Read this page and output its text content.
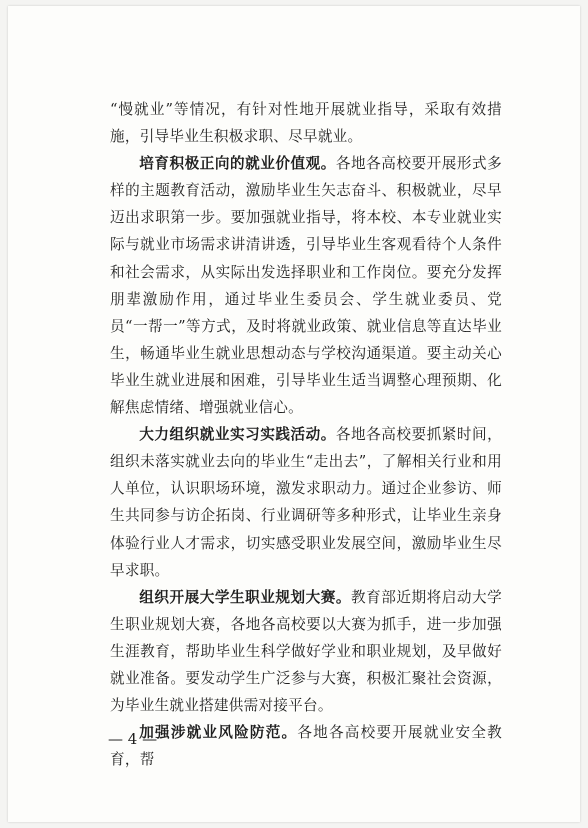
“慢就业”等情况，有针对性地开展就业指导，采取有效措施，引导毕业生积极求职、尽早就业。

培育积极正向的就业价值观。各地各高校要开展形式多样的主题教育活动，激励毕业生矢志奋斗、积极就业，尽早迈出求职第一步。要加强就业指导，将本校、本专业就业实际与就业市场需求讲清讲透，引导毕业生客观看待个人条件和社会需求，从实际出发选择职业和工作岗位。要充分发挥朋辈激励作用，通过毕业生委员会、学生就业委员、党员“一帮一”等方式，及时将就业政策、就业信息等直达毕业生，畅通毕业生就业思想动态与学校沟通渠道。要主动关心毕业生就业进展和困难，引导毕业生适当调整心理预期、化解焦虑情绪、增强就业信心。

大力组织就业实习实践活动。各地各高校要抓紧时间，组织未落实就业去向的毕业生“走出去”，了解相关行业和用人单位，认识职场环境，激发求职动力。通过企业参访、师生共同参与访企拓岗、行业调研等多种形式，让毕业生亲身体验行业人才需求，切实感受职业发展空间，激励毕业生尽早求职。

组织开展大学生职业规划大赛。教育部近期将启动大学生职业规划大赛，各地各高校要以大赛为抓手，进一步加强生涯教育，帮助毕业生科学做好学业和职业规划，及早做好就业准备。要发动学生广泛参与大赛，积极汇聚社会资源，为毕业生就业搭建供需对接平台。

加强涉就业风险防范。各地各高校要开展就业安全教育，帮

— 4 —
